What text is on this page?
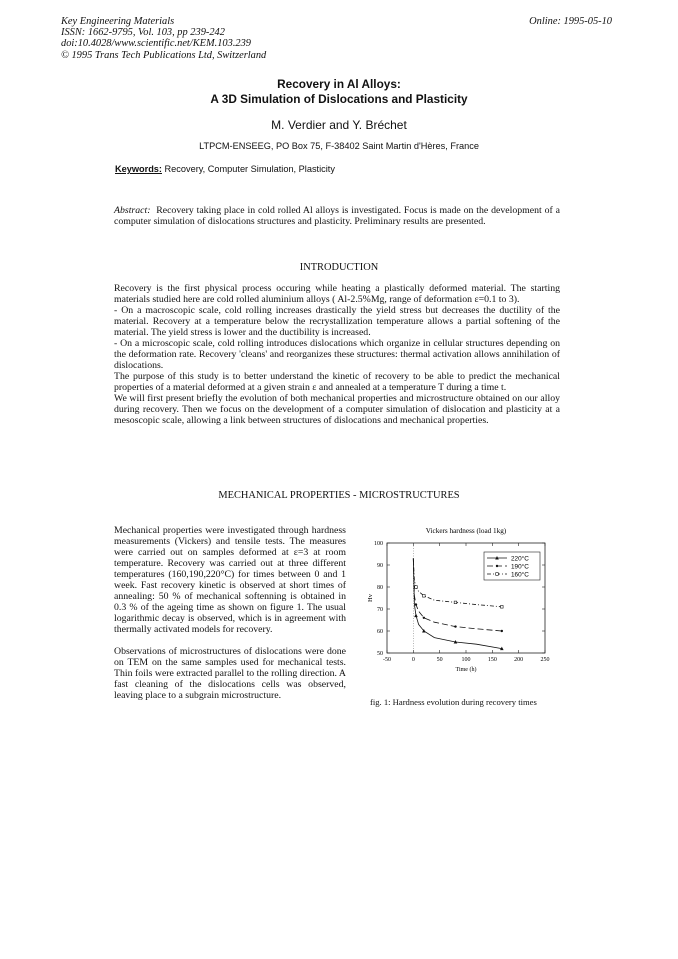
Key Engineering Materials
ISSN: 1662-9795, Vol. 103, pp 239-242
doi:10.4028/www.scientific.net/KEM.103.239
© 1995 Trans Tech Publications Ltd, Switzerland
Online: 1995-05-10
Recovery in Al Alloys:
A 3D Simulation of Dislocations and Plasticity
M. Verdier and Y. Bréchet
LTPCM-ENSEEG, PO Box 75, F-38402 Saint Martin d'Hères, France
Keywords: Recovery, Computer Simulation, Plasticity
Abstract: Recovery taking place in cold rolled Al alloys is investigated. Focus is made on the development of a computer simulation of dislocations structures and plasticity. Preliminary results are presented.
INTRODUCTION

Recovery is the first physical process occuring while heating a plastically deformed material. The starting materials studied here are cold rolled aluminium alloys ( Al-2.5%Mg, range of deformation ε=0.1 to 3).

- On a macroscopic scale, cold rolling increases drastically the yield stress but decreases the ductility of the material. Recovery at a temperature below the recrystallization temperature allows a partial softening of the material. The yield stress is lower and the ductibility is increased.

- On a microscopic scale, cold rolling introduces dislocations which organize in cellular structures depending on the deformation rate. Recovery 'cleans' and reorganizes these structures: thermal activation allows annihilation of dislocations.

The purpose of this study is to better understand the kinetic of recovery to be able to predict the mechanical properties of a material deformed at a given strain ε and annealed at a temperature T during a time t.

We will first present briefly the evolution of both mechanical properties and microstructure obtained on our alloy during recovery. Then we focus on the development of a computer simulation of dislocation and plasticity at a mesoscopic scale, allowing a link between structures of dislocations and mechanical properties.

MECHANICAL PROPERTIES - MICROSTRUCTURES

Mechanical properties were investigated through hardness measurements (Vickers) and tensile tests. The measures were carried out on samples deformed at ε=3 at room temperature. Recovery was carried out at three different temperatures (160,190,220°C) for times between 0 and 1 week. Fast recovery kinetic is observed at short times of annealing: 50 % of mechanical softenning is obtained in 0.3 % of the ageing time as shown on figure 1. The usual logarithmic decay is observed, which is in agreement with thermally activated models for recovery.

Observations of microstructures of dislocations were done on TEM on the same samples used for mechanical tests. Thin foils were extracted parallel to the rolling direction. A fast cleaning of the dislocations cells was observed, leaving place to a subgrain microstructure.

Vickers hardness (load 1kg)
-50	0	50	100	150	200	250
50
60
70
80
90
100
Time (h)
Hv
220°C
190°C
160°C
fig. 1: Hardness evolution during recovery times
